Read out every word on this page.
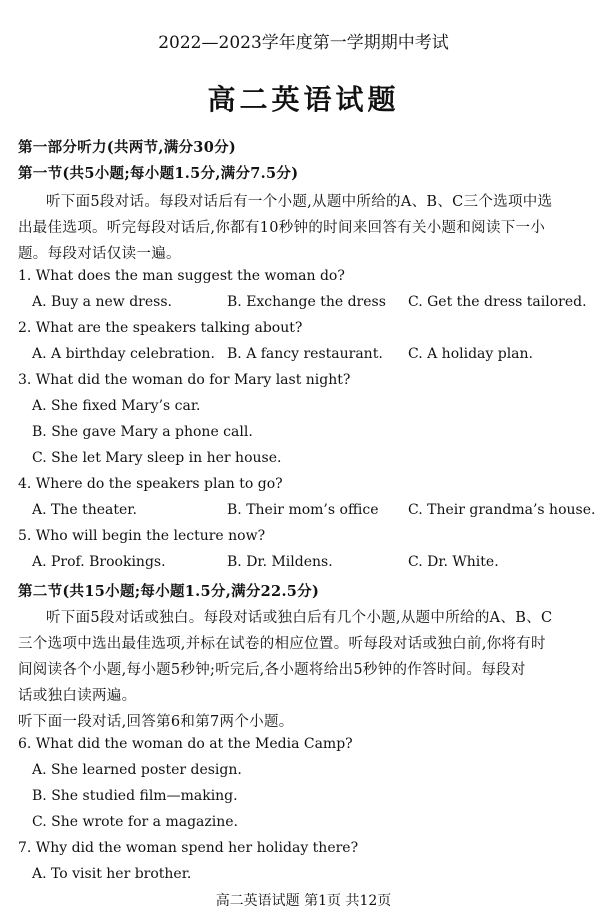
2022—2023学年度第一学期期中考试
高二英语试题
第一部分听力(共两节,满分30分)
第一节(共5小题;每小题1.5分,满分7.5分)
听下面5段对话。每段对话后有一个小题,从题中所给的A、B、C三个选项中选
出最佳选项。听完每段对话后,你都有10秒钟的时间来回答有关小题和阅读下一小
题。每段对话仅读一遍。
1. What does the man suggest the woman do?
A. Buy a new dress.	B. Exchange the dress C. Get the dress tailored.
2. What are the speakers talking about?
A. A birthday celebration. B. A fancy restaurant. C. A holiday plan.
3. What did the woman do for Mary last night?
A. She fixed Mary’s car.
B. She gave Mary a phone call.
C. She let Mary sleep in her house.
4. Where do the speakers plan to go?
A. The theater.	B. Their mom’s office C. Their grandma’s house.
5. Who will begin the lecture now?
A. Prof. Brookings.	B. Dr. Mildens.	C. Dr. White.
第二节(共15小题;每小题1.5分,满分22.5分)
听下面5段对话或独白。每段对话或独白后有几个小题,从题中所给的A、B、C
三个选项中选出最佳选项,并标在试卷的相应位置。听每段对话或独白前,你将有时
间阅读各个小题,每小题5秒钟;听完后,各小题将给出5秒钟的作答时间。每段对
话或独白读两遍。
听下面一段对话,回答第6和第7两个小题。
6. What did the woman do at the Media Camp?
A. She learned poster design.
B. She studied film—making.
C. She wrote for a magazine.
7. Why did the woman spend her holiday there?
A. To visit her brother.
高二英语试题 第1页 共12页
